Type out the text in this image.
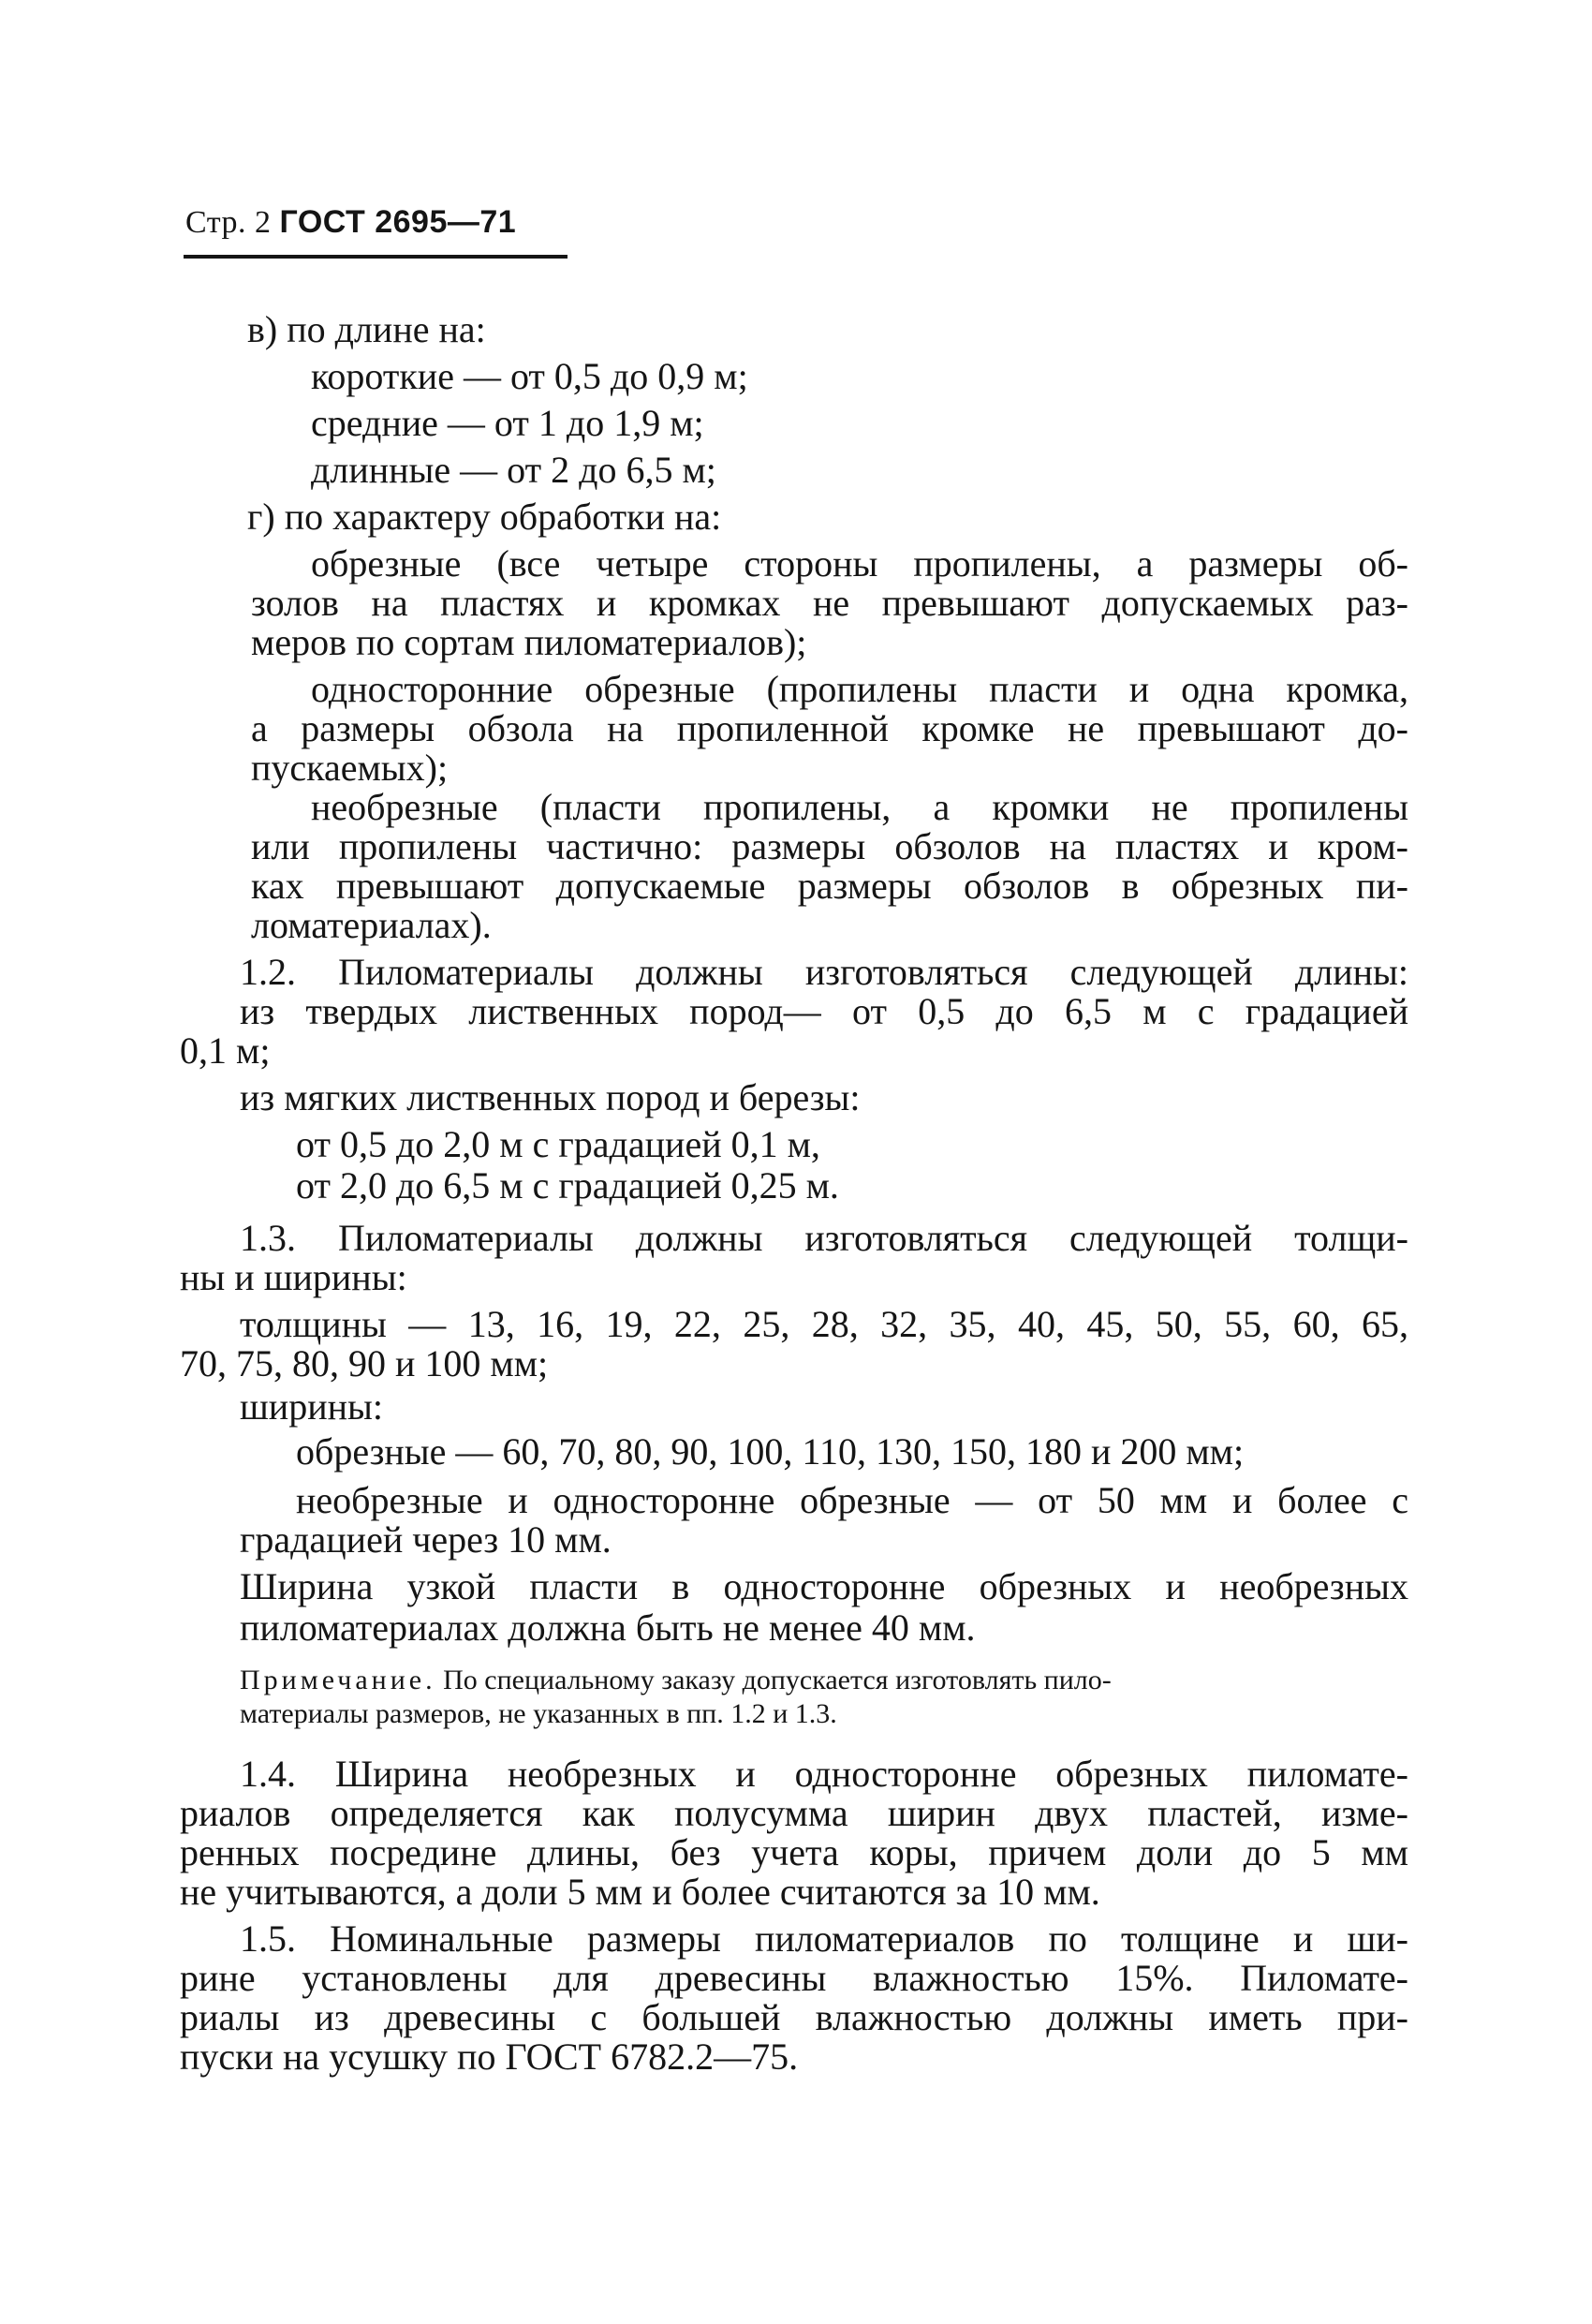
Стр. 2 ГОСТ 2695—71
в) по длине на:
короткие — от 0,5 до 0,9 м;
средние — от 1 до 1,9 м;
длинные — от 2 до 6,5 м;
г) по характеру обработки на:
обрезные (все четыре стороны пропилены, а размеры об-
золов на пластях и кромках не превышают допускаемых раз-
меров по сортам пиломатериалов);
односторонние обрезные (пропилены пласти и одна кромка,
а размеры обзола на пропиленной кромке не превышают до-
пускаемых);
необрезные (пласти пропилены, а кромки не пропилены
или пропилены частично: размеры обзолов на пластях и кром-
ках превышают допускаемые размеры обзолов в обрезных пи-
ломатериалах).
1.2. Пиломатериалы должны изготовляться следующей длины:
из твердых лиственных пород— от 0,5 до 6,5 м с градацией
0,1 м;
из мягких лиственных пород и березы:
от 0,5 до 2,0 м с градацией 0,1 м,
от 2,0 до 6,5 м с градацией 0,25 м.
1.3. Пиломатериалы должны изготовляться следующей толщи-
ны и ширины:
толщины — 13, 16, 19, 22, 25, 28, 32, 35, 40, 45, 50, 55, 60, 65,
70, 75, 80, 90 и 100 мм;
ширины:
обрезные — 60, 70, 80, 90, 100, 110, 130, 150, 180 и 200 мм;
необрезные и односторонне обрезные — от 50 мм и более с
градацией через 10 мм.
Ширина узкой пласти в односторонне обрезных и необрезных
пиломатериалах должна быть не менее 40 мм.
Примечание. По специальному заказу допускается изготовлять пило-
материалы размеров, не указанных в пп. 1.2 и 1.3.
1.4. Ширина необрезных и односторонне обрезных пиломате-
риалов определяется как полусумма ширин двух пластей, изме-
ренных посредине длины, без учета коры, причем доли до 5 мм
не учитываются, а доли 5 мм и более считаются за 10 мм.
1.5. Номинальные размеры пиломатериалов по толщине и ши-
рине установлены для древесины влажностью 15%. Пиломате-
риалы из древесины с большей влажностью должны иметь при-
пуски на усушку по ГОСТ 6782.2—75.
